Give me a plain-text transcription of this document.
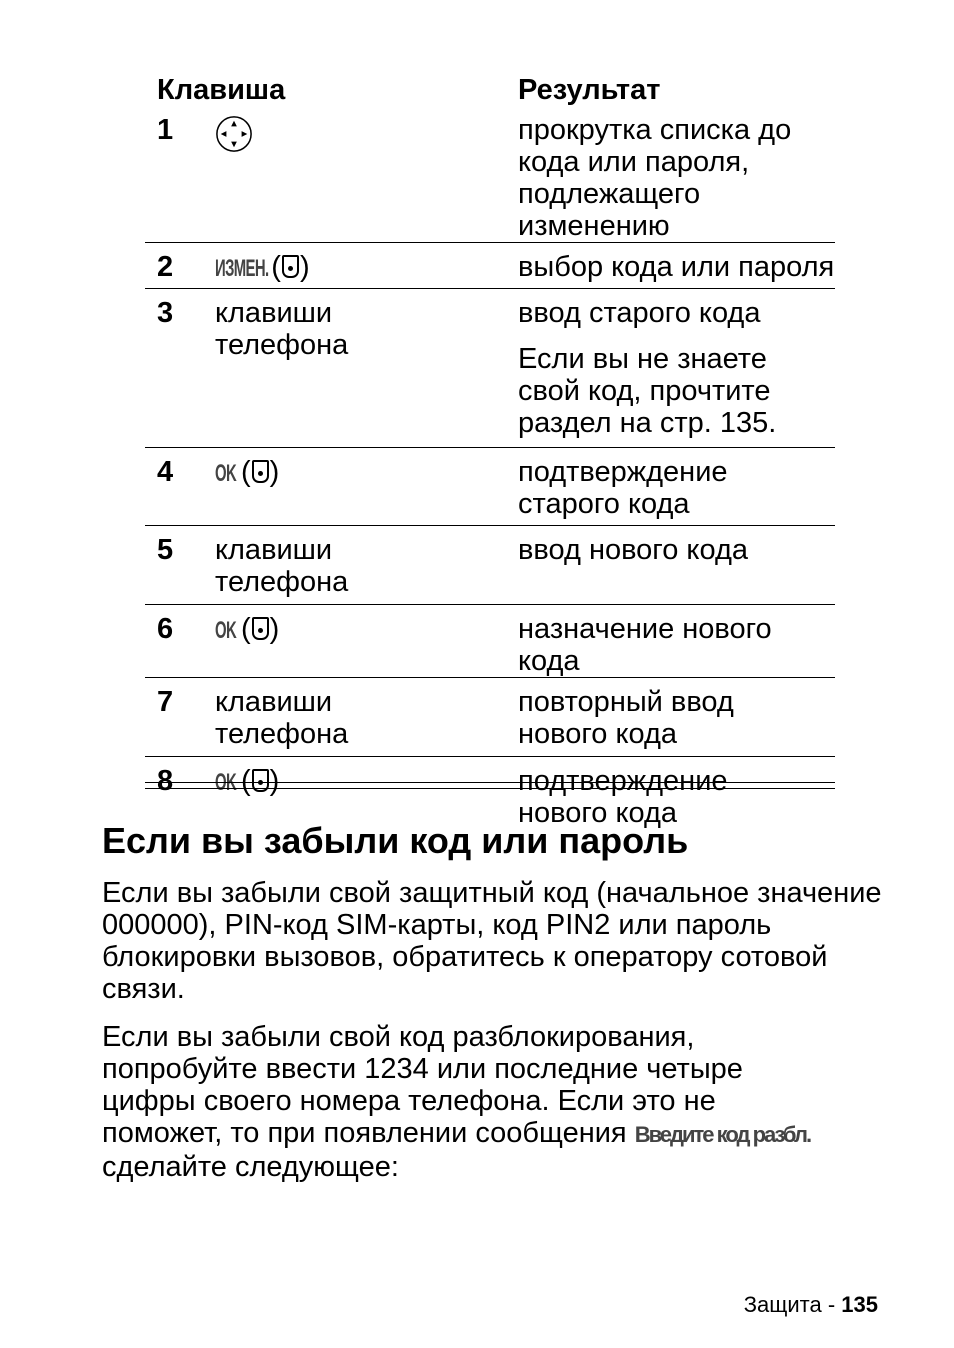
Клавиша		Результат
1		прокрутка списка до кода или пароля, подлежащего изменению
2	ИЗМЕН.( )	выбор кода или пароля
3	клавиши телефона	ввод старого кода
Если вы не знаете свой код, прочтите раздел на стр. 135.

4	OK ( )	подтверждение старого кода
5	клавиши телефона	ввод нового кода
6	OK ( )	назначение нового кода
7	клавиши телефона	повторный ввод нового кода
8	OK ( )	подтверждение нового кода
Если вы забыли код или пароль
Если вы забыли свой защитный код (начальное значение 000000), PIN-код SIM-карты, код PIN2 или пароль блокировки вызовов, обратитесь к оператору сотовой связи.
Если вы забыли свой код разблокирования, попробуйте ввести 1234 или последние четыре цифры своего номера телефона. Если это не поможет, то при появлении сообщения Введите код разбл. сделайте следующее:
Защита - 135
